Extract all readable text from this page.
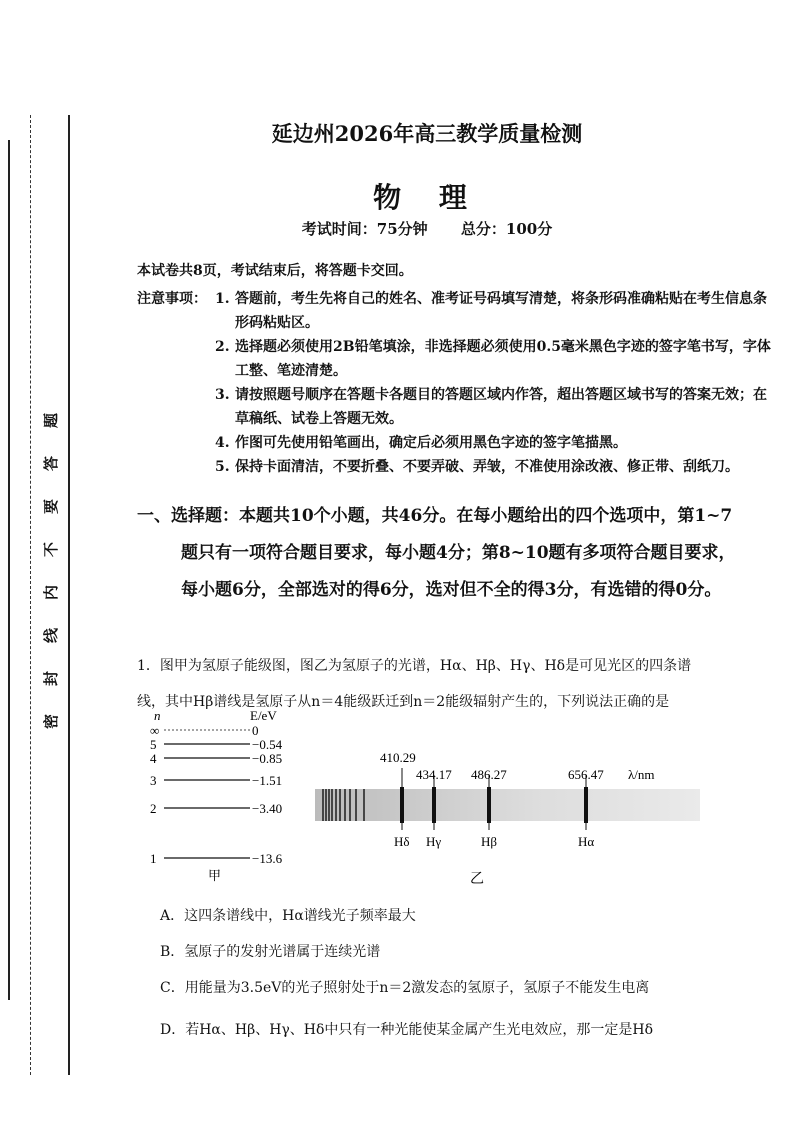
密
封
线
内
不
要
答
题
延边州2026年高三教学质量检测
物 理
考试时间：75分钟 总分：100分
本试卷共8页，考试结束后，将答题卡交回。
注意事项： 1. 答题前，考生先将自己的姓名、准考证号码填写清楚，将条形码准确粘贴在考生信息条形码粘贴区。
2. 选择题必须使用2B铅笔填涂，非选择题必须使用0.5毫米黑色字迹的签字笔书写，字体工整、笔迹清楚。
3. 请按照题号顺序在答题卡各题目的答题区域内作答，超出答题区域书写的答案无效；在草稿纸、试卷上答题无效。
4. 作图可先使用铅笔画出，确定后必须用黑色字迹的签字笔描黑。
5. 保持卡面清洁，不要折叠、不要弄破、弄皱，不准使用涂改液、修正带、刮纸刀。
一、选择题：本题共10个小题，共46分。在每小题给出的四个选项中，第1~7
题只有一项符合题目要求，每小题4分；第8~10题有多项符合题目要求，
每小题6分，全部选对的得6分，选对但不全的得3分，有选错的得0分。
1．图甲为氢原子能级图，图乙为氢原子的光谱，Hα、Hβ、Hγ、Hδ是可见光区的四条谱
线，其中Hβ谱线是氢原子从n＝4能级跃迁到n＝2能级辐射产生的，下列说法正确的是
n	E/eV
∞	0
5	−0.54
4	−0.85
3	−1.51
2	−3.40
1	−13.6
甲
410.29
Hδ
434.17
Hγ
486.27
Hβ
656.47
Hα
λ/nm
乙
A．这四条谱线中，Hα谱线光子频率最大
B．氢原子的发射光谱属于连续光谱
C．用能量为3.5eV的光子照射处于n＝2激发态的氢原子，氢原子不能发生电离
D．若Hα、Hβ、Hγ、Hδ中只有一种光能使某金属产生光电效应，那一定是Hδ
